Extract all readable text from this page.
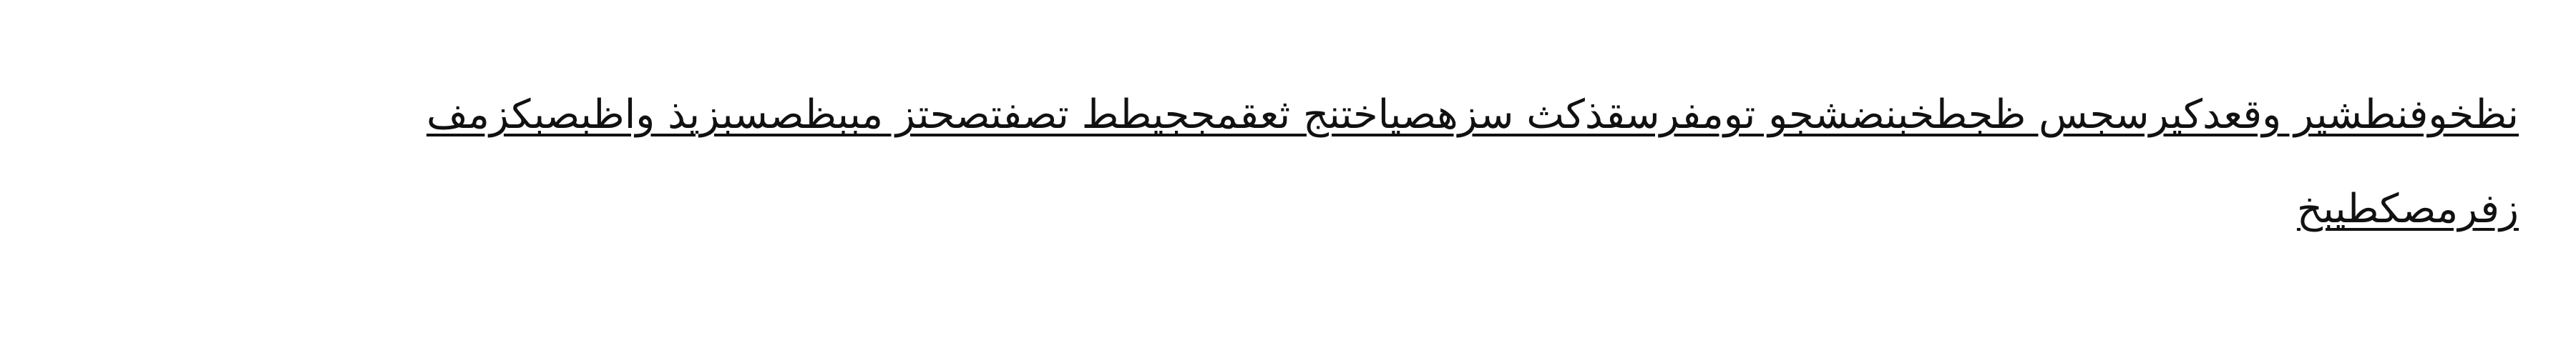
نظخوفنطشير وقعدكيرسجس ظجطخبنضشجو تومفرسقذكث سزهصياختنج ثعقمججيطط تصفتصحتز مببظصسبزيذ واظبصبكزمف
زفرمصكطيبخ
